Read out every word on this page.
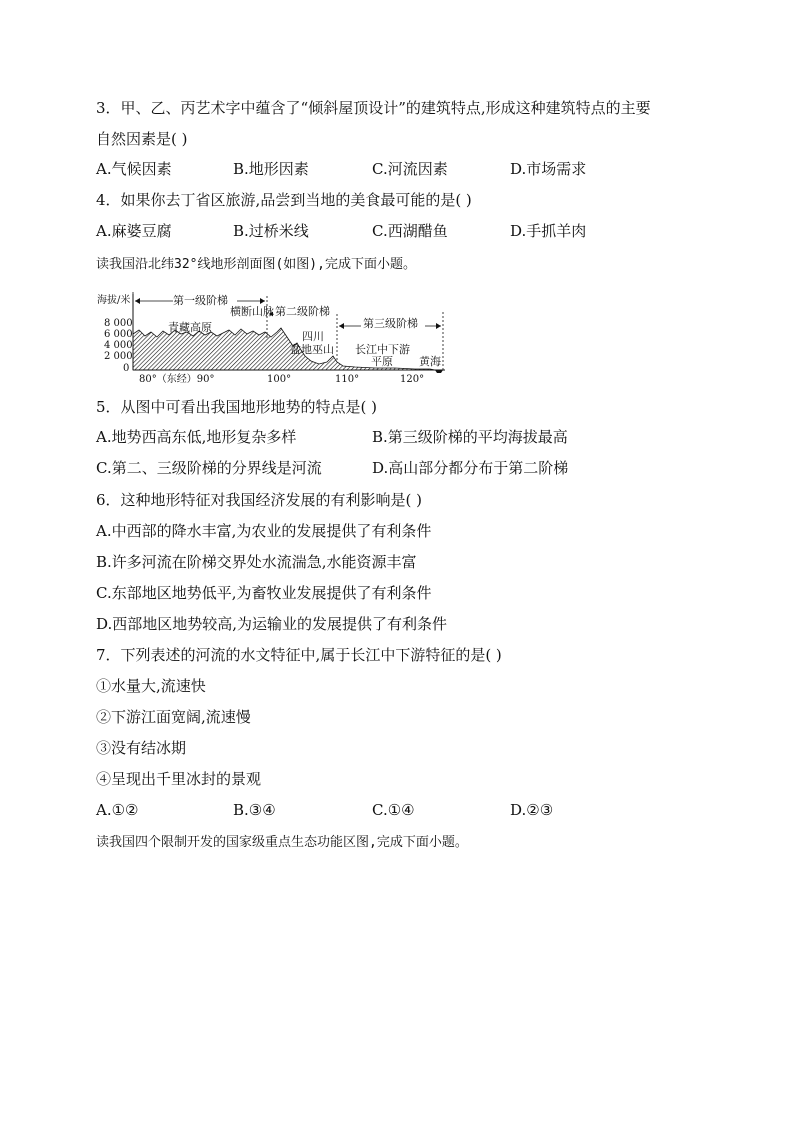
3．甲、乙、丙艺术字中蕴含了“倾斜屋顶设计”的建筑特点,形成这种建筑特点的主要
自然因素是( )
A.气候因素	B.地形因素	C.河流因素	D.市场需求
4．如果你去丁省区旅游,品尝到当地的美食最可能的是( )
A.麻婆豆腐	B.过桥米线	C.西湖醋鱼	D.手抓羊肉
读我国沿北纬32°线地形剖面图(如图),完成下面小题。
海拔/米
8 000
6 000
4 000
2 000
0
第一级阶梯
第二级阶梯
第三级阶梯
横断山脉
青藏高原
四川
盆地巫山 长江中下游
平原 黄海
80°（东经）90°	100°	110°	120°
5．从图中可看出我国地形地势的特点是( )
A.地势西高东低,地形复杂多样	B.第三级阶梯的平均海拔最高
C.第二、三级阶梯的分界线是河流	D.高山部分都分布于第二阶梯
6．这种地形特征对我国经济发展的有利影响是( )
A.中西部的降水丰富,为农业的发展提供了有利条件
B.许多河流在阶梯交界处水流湍急,水能资源丰富
C.东部地区地势低平,为畜牧业发展提供了有利条件
D.西部地区地势较高,为运输业的发展提供了有利条件
7．下列表述的河流的水文特征中,属于长江中下游特征的是( )
①水量大,流速快
②下游江面宽阔,流速慢
③没有结冰期
④呈现出千里冰封的景观
A.①②	B.③④	C.①④	D.②③
读我国四个限制开发的国家级重点生态功能区图,完成下面小题。
